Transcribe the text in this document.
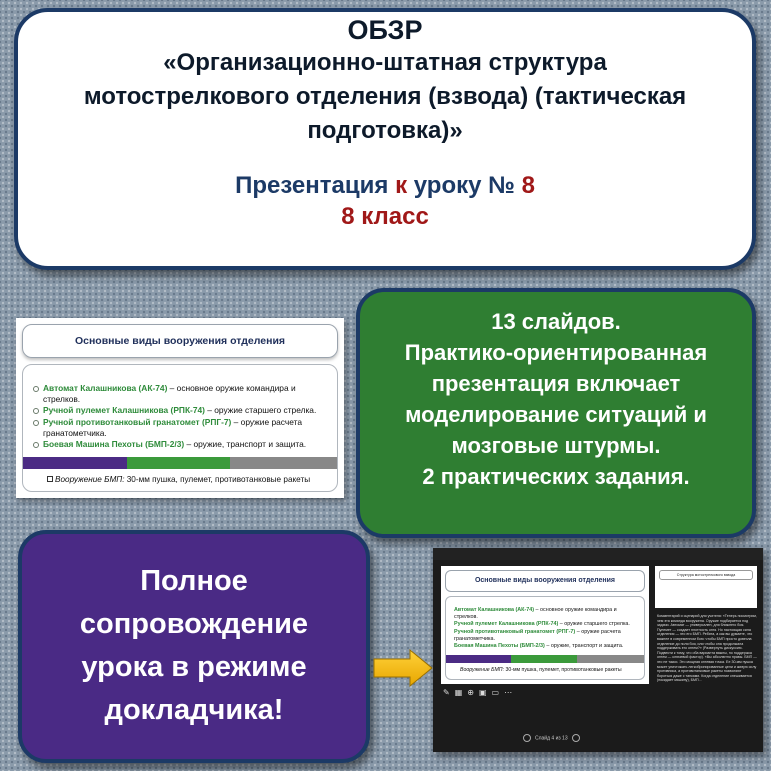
ОБЗР
«Организационно-штатная структура мотострелкового отделения (взвода) (тактическая подготовка)»
Презентация к уроку № 8
8 класс
Основные виды вооружения отделения
Автомат Калашникова (АК-74) – основное оружие командира и стрелков.
Ручной пулемет Калашникова (РПК-74) – оружие старшего стрелка.
Ручной противотанковый гранатомет (РПГ-7) – оружие расчета гранатометчика.
Боевая Машина Пехоты (БМП-2/3) – оружие, транспорт и защита.
Вооружение БМП: 30-мм пушка, пулемет, противотанковые ракеты
13 слайдов.
Практико-ориентированная
презентация включает
моделирование ситуаций и
мозговые штурмы.
2 практических задания.
Полное
сопровождение
урока в режиме
докладчика!
Основные виды вооружения отделения
Автомат Калашникова (АК-74) – основное оружие командира и стрелков.
Ручной пулемет Калашникова (РПК-74) – оружие старшего стрелка.
Ручной противотанковый гранатомет (РПГ-7) – оружие расчета гранатометчика.
Боевая Машина Пехоты (БМП-2/3) – оружие, транспорт и защита.
Вооружение БМП: 30-мм пушка, пулемет, противотанковые ракеты
✎▦⊕▣▭⋯
Структура мотострелкового взвода
Комментарий и сценарий для учителя: «Теперь посмотрим, чем эта команда вооружена. Оружие подбирается под задачи. Автомат — универсален, для ближнего боя. Пулемет — создает плотность огня. Но настоящая сила отделения — это его БМП. Ребята, а как вы думаете, что важнее в современном бою: чтобы БМП просто довезла отделение до поля боя, или чтобы она продолжала поддерживать его огнем?» (Развернуть дискуссию. Подвести к тому, что оба варианта важны, но поддержка огнем — ключевой фактор). «Вы абсолютно правы. БМП — это не такси. Это мощная огневая точка. Ее 30-мм пушка может уничтожать легкобронированные цели и живую силу противника, а противотанковые ракеты позволяют бороться даже с танками. Когда отделение спешивается (покидает машину), БМП...
Слайд 4 из 13
